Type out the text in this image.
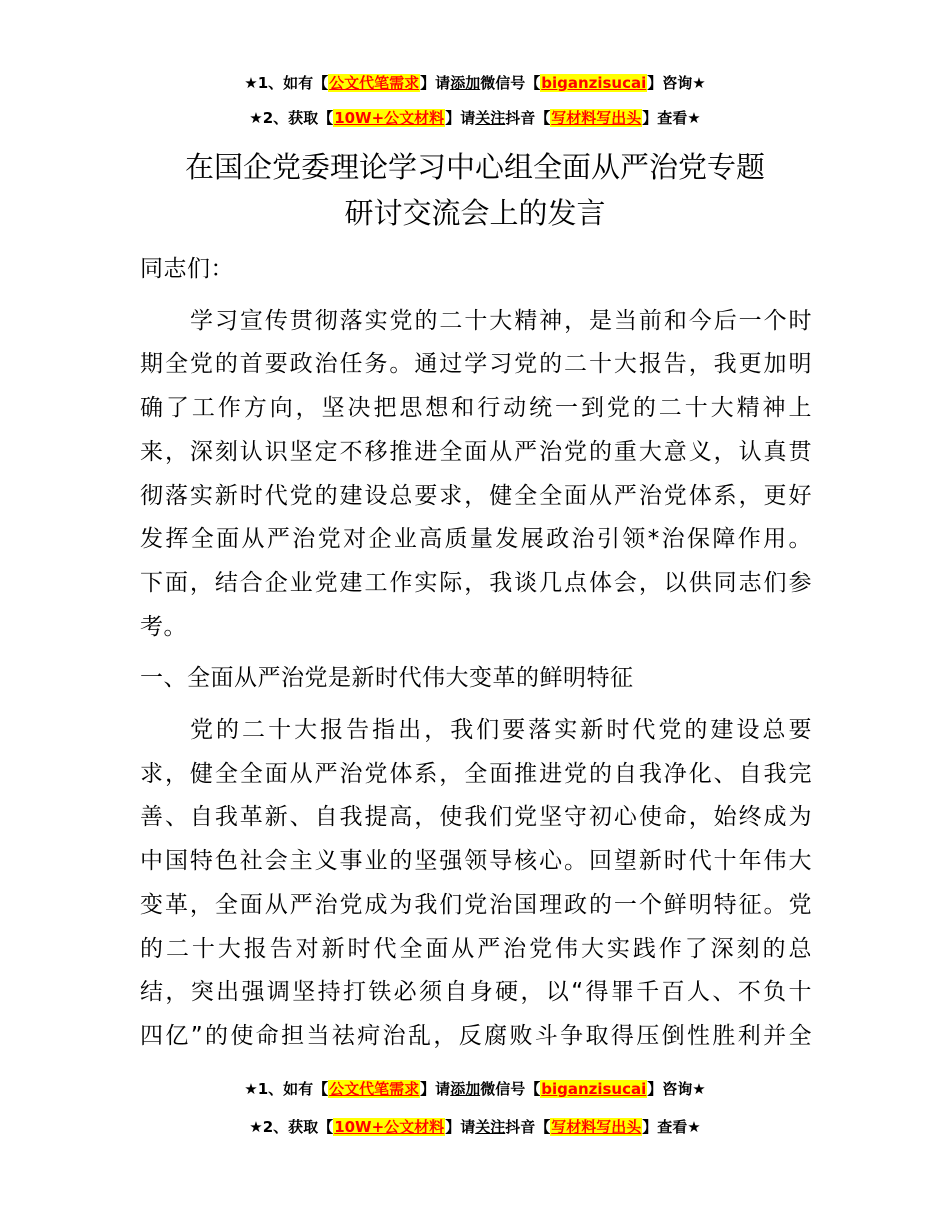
★1、如有【公文代笔需求】请添加微信号【biganzisucai】咨询★
★2、获取【10W+公文材料】请关注抖音【写材料写出头】查看★
在国企党委理论学习中心组全面从严治党专题
研讨交流会上的发言

同志们：

学习宣传贯彻落实党的二十大精神，是当前和今后一个时
期全党的首要政治任务。通过学习党的二十大报告，我更加明
确了工作方向，坚决把思想和行动统一到党的二十大精神上
来，深刻认识坚定不移推进全面从严治党的重大意义，认真贯
彻落实新时代党的建设总要求，健全全面从严治党体系，更好
发挥全面从严治党对企业高质量发展政治引领*治保障作用。
下面，结合企业党建工作实际，我谈几点体会，以供同志们参
考。

一、全面从严治党是新时代伟大变革的鲜明特征

党的二十大报告指出，我们要落实新时代党的建设总要
求，健全全面从严治党体系，全面推进党的自我净化、自我完
善、自我革新、自我提高，使我们党坚守初心使命，始终成为
中国特色社会主义事业的坚强领导核心。回望新时代十年伟大
变革，全面从严治党成为我们党治国理政的一个鲜明特征。党
的二十大报告对新时代全面从严治党伟大实践作了深刻的总
结，突出强调坚持打铁必须自身硬，以“得罪千百人、不负十
四亿”的使命担当祛疴治乱，反腐败斗争取得压倒性胜利并全

★1、如有【公文代笔需求】请添加微信号【biganzisucai】咨询★
★2、获取【10W+公文材料】请关注抖音【写材料写出头】查看★
